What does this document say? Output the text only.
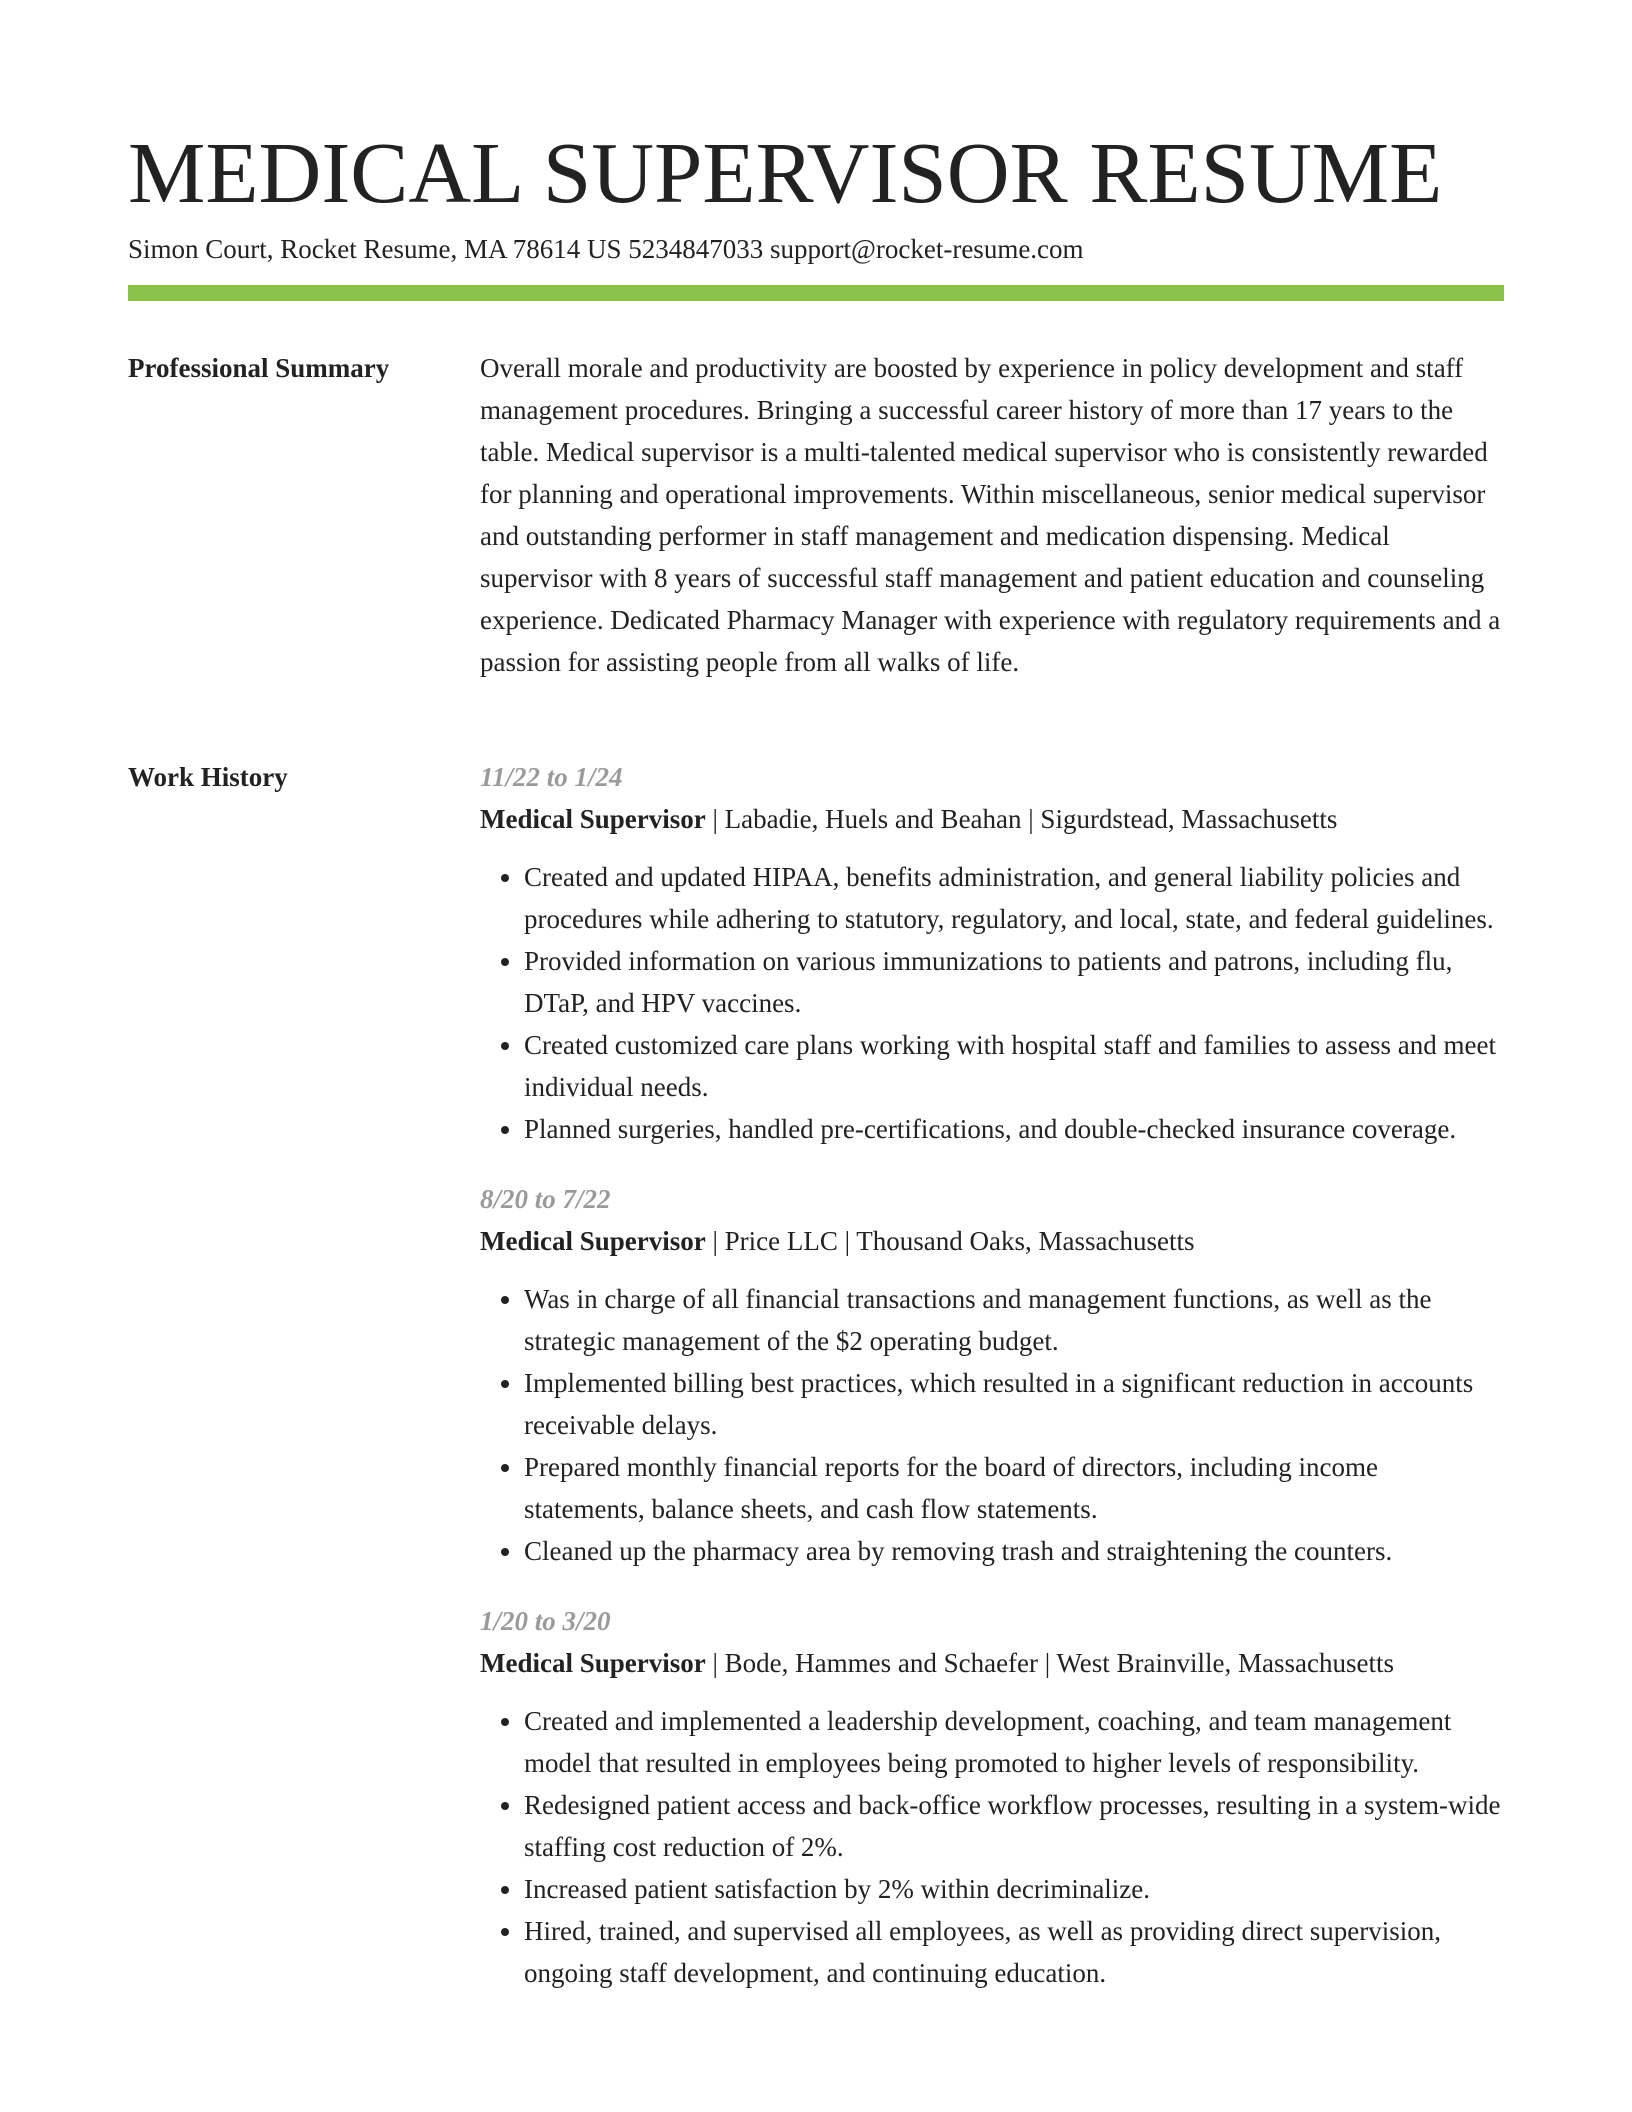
MEDICAL SUPERVISOR RESUME
Simon Court, Rocket Resume, MA 78614 US 5234847033 support@rocket-resume.com
Professional Summary	Overall morale and productivity are boosted by experience in policy development and staff management procedures. Bringing a successful career history of more than 17 years to the table. Medical supervisor is a multi-talented medical supervisor who is consistently rewarded for planning and operational improvements. Within miscellaneous, senior medical supervisor and outstanding performer in staff management and medication dispensing. Medical supervisor with 8 years of successful staff management and patient education and counseling experience. Dedicated Pharmacy Manager with experience with regulatory requirements and a passion for assisting people from all walks of life.

Work History	11/22 to 1/24
Medical Supervisor | Labadie, Huels and Beahan | Sigurdstead, Massachusetts
• Created and updated HIPAA, benefits administration, and general liability policies and procedures while adhering to statutory, regulatory, and local, state, and federal guidelines.
• Provided information on various immunizations to patients and patrons, including flu, DTaP, and HPV vaccines.
• Created customized care plans working with hospital staff and families to assess and meet individual needs.
• Planned surgeries, handled pre-certifications, and double-checked insurance coverage.
8/20 to 7/22
Medical Supervisor | Price LLC | Thousand Oaks, Massachusetts
• Was in charge of all financial transactions and management functions, as well as the strategic management of the $2 operating budget.
• Implemented billing best practices, which resulted in a significant reduction in accounts receivable delays.
• Prepared monthly financial reports for the board of directors, including income statements, balance sheets, and cash flow statements.
• Cleaned up the pharmacy area by removing trash and straightening the counters.
1/20 to 3/20
Medical Supervisor | Bode, Hammes and Schaefer | West Brainville, Massachusetts
• Created and implemented a leadership development, coaching, and team management model that resulted in employees being promoted to higher levels of responsibility.
• Redesigned patient access and back-office workflow processes, resulting in a system-wide staffing cost reduction of 2%.
• Increased patient satisfaction by 2% within decriminalize.
• Hired, trained, and supervised all employees, as well as providing direct supervision, ongoing staff development, and continuing education.
